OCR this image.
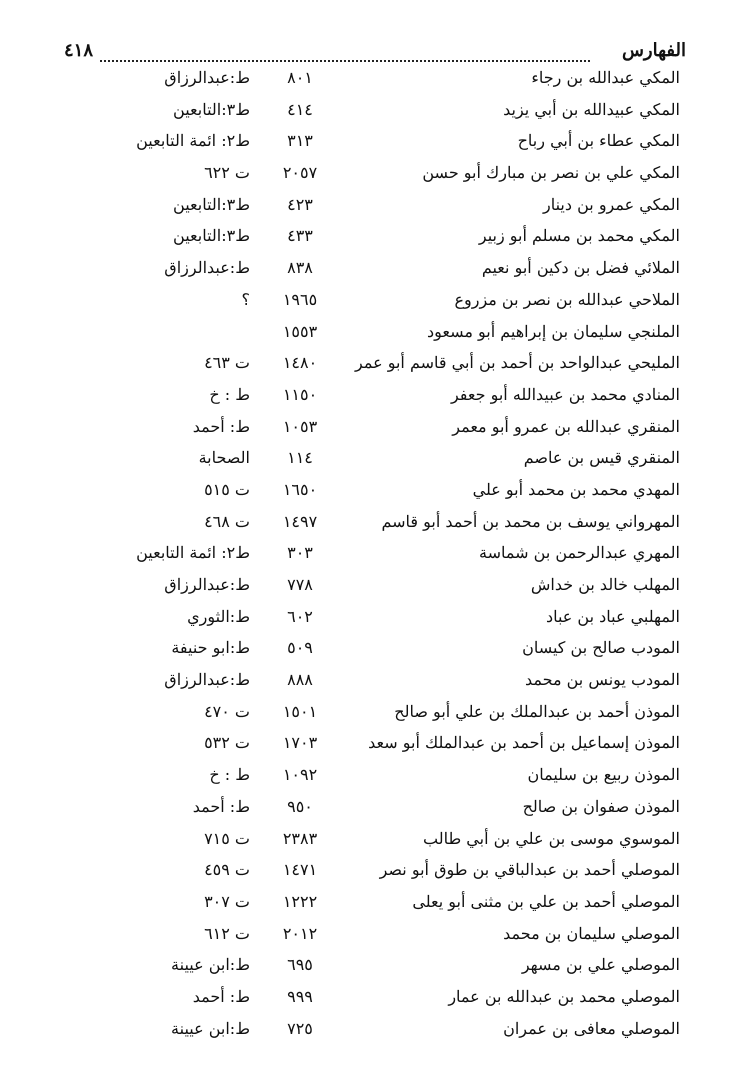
٤١٨	الفهارس
المكي عبدالله بن رجاء
٨٠١
ط:عبدالرزاق
المكي عبيدالله بن أبي يزيد
٤١٤
ط٣:التابعين
المكي عطاء بن أبي رباح
٣١٣
ط٢: ائمة التابعين
المكي علي بن نصر بن مبارك أبو حسن
٢٠٥٧
ت ٦٢٢
المكي عمرو بن دينار
٤٢٣
ط٣:التابعين
المكي محمد بن مسلم أبو زبير
٤٣٣
ط٣:التابعين
الملائي فضل بن دكين أبو نعيم
٨٣٨
ط:عبدالرزاق
الملاحي عبدالله بن نصر بن مزروع
١٩٦٥
؟
الملنجي سليمان بن إبراهيم أبو مسعود
١٥٥٣
المليحي عبدالواحد بن أحمد بن أبي قاسم أبو عمر
١٤٨٠
ت ٤٦٣
المنادي محمد بن عبيدالله أبو جعفر
١١٥٠
ط : خ
المنقري عبدالله بن عمرو أبو معمر
١٠٥٣
ط: أحمد
المنقري قيس بن عاصم
١١٤
الصحابة
المهدي محمد بن محمد أبو علي
١٦٥٠
ت ٥١٥
المهرواني يوسف بن محمد بن أحمد أبو قاسم
١٤٩٧
ت ٤٦٨
المهري عبدالرحمن بن شماسة
٣٠٣
ط٢: ائمة التابعين
المهلب خالد بن خداش
٧٧٨
ط:عبدالرزاق
المهلبي عباد بن عباد
٦٠٢
ط:الثوري
المودب صالح بن كيسان
٥٠٩
ط:ابو حنيفة
المودب يونس بن محمد
٨٨٨
ط:عبدالرزاق
الموذن أحمد بن عبدالملك بن علي أبو صالح
١٥٠١
ت ٤٧٠
الموذن إسماعيل بن أحمد بن عبدالملك أبو سعد
١٧٠٣
ت ٥٣٢
الموذن ربيع بن سليمان
١٠٩٢
ط : خ
الموذن صفوان بن صالح
٩٥٠
ط: أحمد
الموسوي موسى بن علي بن أبي طالب
٢٣٨٣
ت ٧١٥
الموصلي أحمد بن عبدالباقي بن طوق أبو نصر
١٤٧١
ت ٤٥٩
الموصلي أحمد بن علي بن مثنى أبو يعلى
١٢٢٢
ت ٣٠٧
الموصلي سليمان بن محمد
٢٠١٢
ت ٦١٢
الموصلي علي بن مسهر
٦٩٥
ط:ابن عيينة
الموصلي محمد بن عبدالله بن عمار
٩٩٩
ط: أحمد
الموصلي معافى بن عمران
٧٢٥
ط:ابن عيينة
